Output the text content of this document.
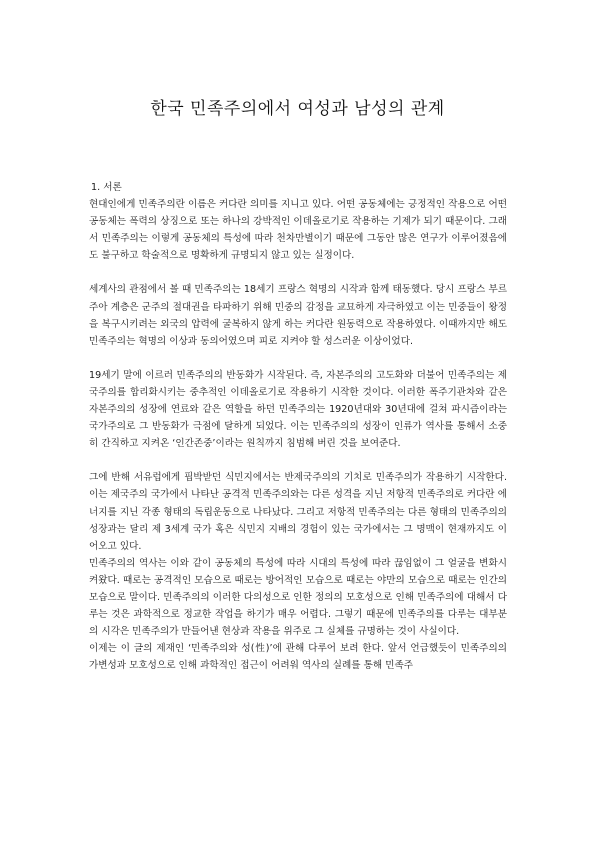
한국 민족주의에서 여성과 남성의 관계

1. 서론

현대인에게 민족주의란 이름은 커다란 의미를 지니고 있다. 어떤 공동체에는 긍정적인 작용으로 어떤 공동체는 폭력의 상징으로 또는 하나의 강박적인 이데올로기로 작용하는 기제가 되기 때문이다. 그래서 민족주의는 이렇게 공동체의 특성에 따라 천차만별이기 때문에 그동안 많은 연구가 이루어졌음에도 불구하고 학술적으로 명확하게 규명되지 않고 있는 실정이다.

세계사의 관점에서 볼 때 민족주의는 18세기 프랑스 혁명의 시작과 함께 태동했다. 당시 프랑스 부르주아 계층은 군주의 절대권을 타파하기 위해 민중의 감정을 교묘하게 자극하였고 이는 민중들이 왕정을 복구시키려는 외국의 압력에 굴복하지 않게 하는 커다란 원동력으로 작용하였다. 이때까지만 해도 민족주의는 혁명의 이상과 동의어였으며 피로 지켜야 할 성스러운 이상이었다.

19세기 말에 이르러 민족주의의 반동화가 시작된다. 즉, 자본주의의 고도화와 더불어 민족주의는 제국주의를 합리화시키는 중추적인 이데올로기로 작용하기 시작한 것이다. 이러한 폭주기관차와 같은 자본주의의 성장에 연료와 같은 역할을 하던 민족주의는 1920년대와 30년대에 걸쳐 파시즘이라는 국가주의로 그 반동화가 극점에 달하게 되었다. 이는 민족주의의 성장이 인류가 역사를 통해서 소중히 간직하고 지켜온 ‘인간존중’이라는 원칙까지 침범해 버린 것을 보여준다.

그에 반해 서유럽에게 핍박받던 식민지에서는 반제국주의의 기치로 민족주의가 작용하기 시작한다. 이는 제국주의 국가에서 나타난 공격적 민족주의와는 다른 성격을 지닌 저항적 민족주의로 커다란 에너지를 지닌 각종 형태의 독립운동으로 나타났다. 그리고 저항적 민족주의는 다른 형태의 민족주의의 성장과는 달리 제 3세계 국가 혹은 식민지 지배의 경험이 있는 국가에서는 그 명맥이 현재까지도 이어오고 있다.

민족주의의 역사는 이와 같이 공동체의 특성에 따라 시대의 특성에 따라 끊임없이 그 얼굴을 변화시켜왔다. 때로는 공격적인 모습으로 때로는 방어적인 모습으로 때로는 야만의 모습으로 때로는 인간의 모습으로 말이다. 민족주의의 이러한 다의성으로 인한 정의의 모호성으로 인해 민족주의에 대해서 다루는 것은 과학적으로 정교한 작업을 하기가 매우 어렵다. 그렇기 때문에 민족주의를 다루는 대부분의 시각은 민족주의가 만들어낸 현상과 작용을 위주로 그 실체를 규명하는 것이 사실이다.

이제는 이 글의 제재인 ‘민족주의와 성(性)’에 관해 다루어 보려 한다. 앞서 언급했듯이 민족주의의 가변성과 모호성으로 인해 과학적인 접근이 어려워 역사의 실례를 통해 민족주
